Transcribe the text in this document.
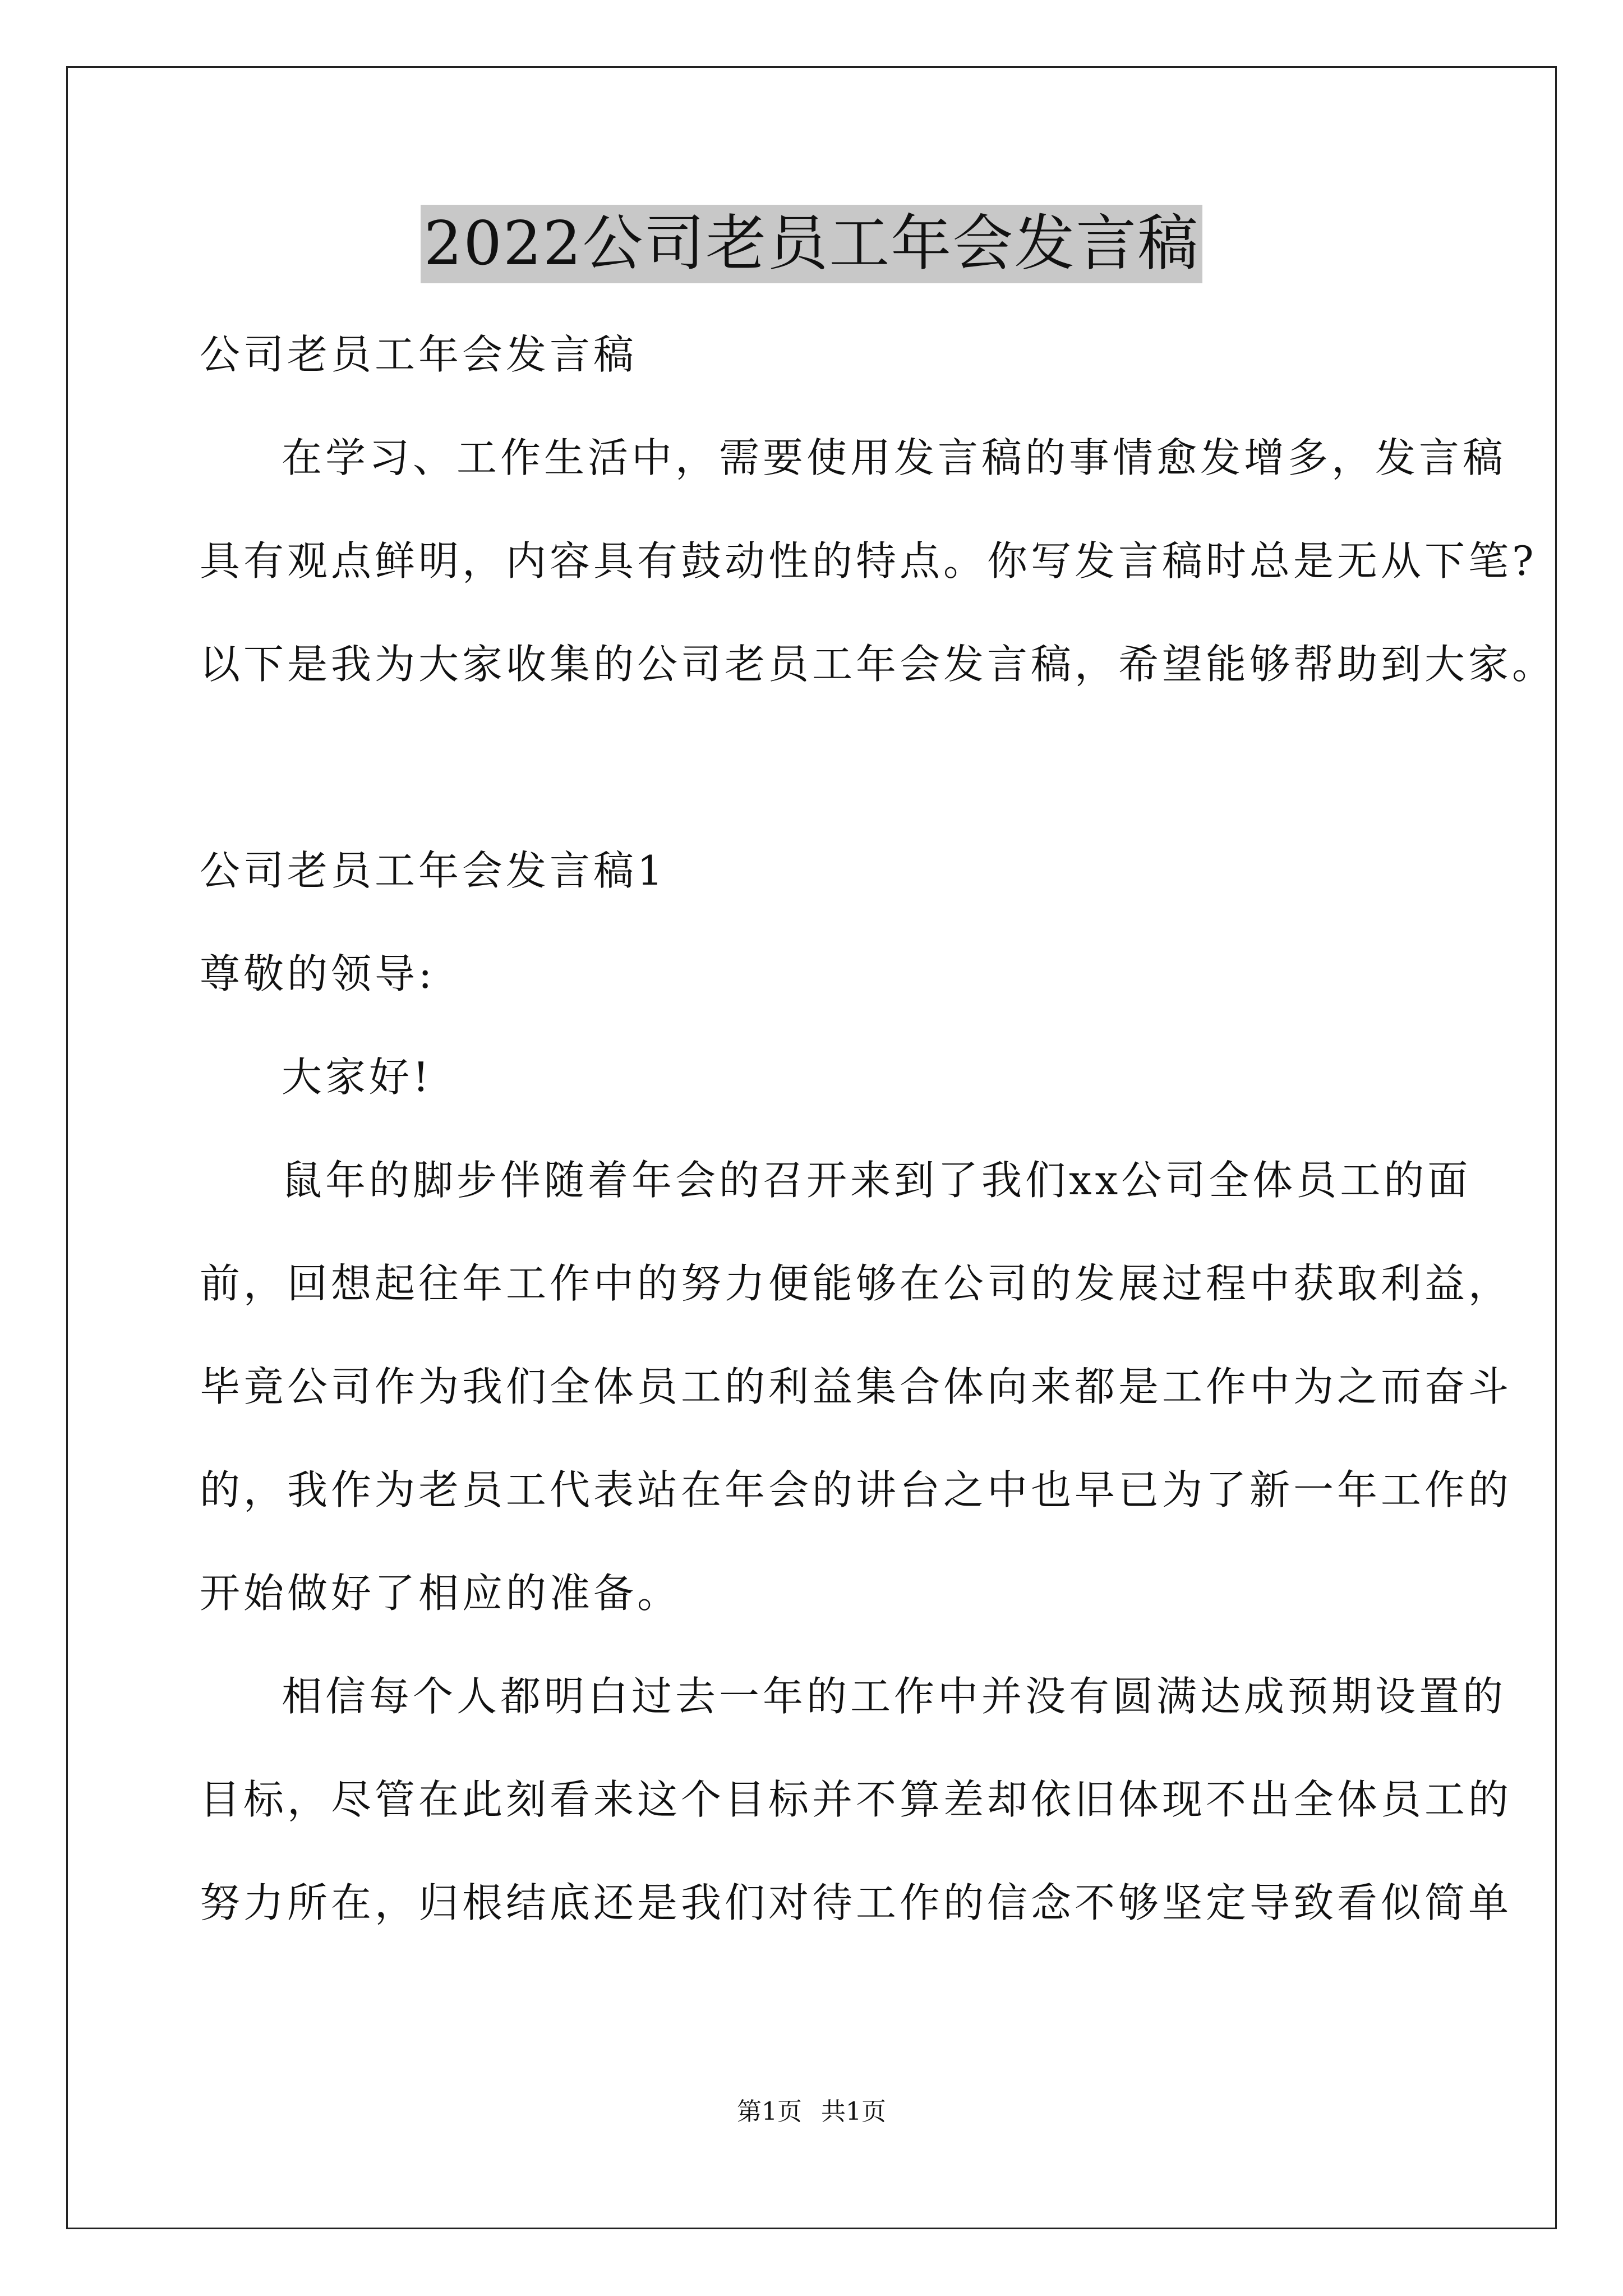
2022公司老员工年会发言稿
公司老员工年会发言稿
在学习、工作生活中，需要使用发言稿的事情愈发增多，发言稿
具有观点鲜明，内容具有鼓动性的特点。你写发言稿时总是无从下笔?
以下是我为大家收集的公司老员工年会发言稿，希望能够帮助到大家。
公司老员工年会发言稿1
尊敬的领导:
大家好!
鼠年的脚步伴随着年会的召开来到了我们xx公司全体员工的面
前，回想起往年工作中的努力便能够在公司的发展过程中获取利益，
毕竟公司作为我们全体员工的利益集合体向来都是工作中为之而奋斗
的，我作为老员工代表站在年会的讲台之中也早已为了新一年工作的
开始做好了相应的准备。
相信每个人都明白过去一年的工作中并没有圆满达成预期设置的
目标，尽管在此刻看来这个目标并不算差却依旧体现不出全体员工的
努力所在，归根结底还是我们对待工作的信念不够坚定导致看似简单
第1页 共1页
